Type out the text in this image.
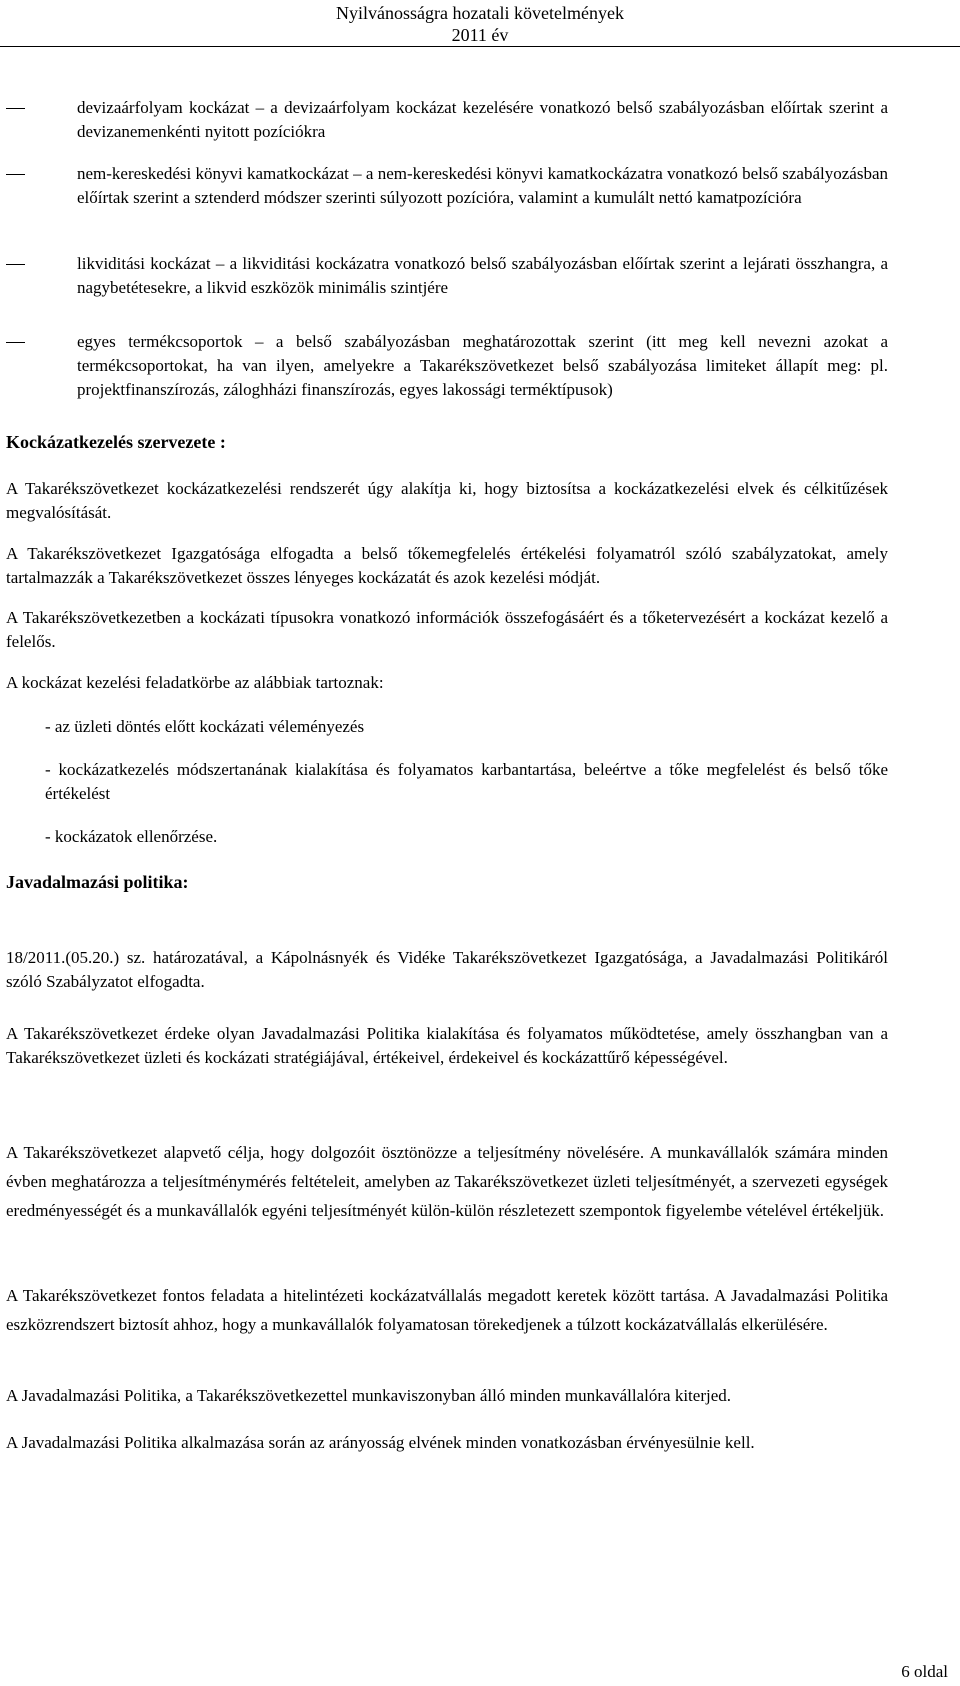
Nyilvánosságra hozatali követelmények
2011 év
devizaárfolyam kockázat – a devizaárfolyam kockázat kezelésére vonatkozó belső szabályozásban előírtak szerint a devizanemenkénti nyitott pozíciókra
nem-kereskedési könyvi kamatkockázat – a nem-kereskedési könyvi kamatkockázatra vonatkozó belső szabályozásban előírtak szerint a sztenderd módszer szerinti súlyozott pozícióra, valamint a kumulált nettó kamatpozícióra
likviditási kockázat – a likviditási kockázatra vonatkozó belső szabályozásban előírtak szerint a lejárati összhangra, a nagybetétesekre, a likvid eszközök minimális szintjére
egyes termékcsoportok – a belső szabályozásban meghatározottak szerint (itt meg kell nevezni azokat a termékcsoportokat, ha van ilyen, amelyekre a Takarékszövetkezet belső szabályozása limiteket állapít meg: pl. projektfinanszírozás, záloghházi finanszírozás, egyes lakossági terméktípusok)
Kockázatkezelés szervezete :
A Takarékszövetkezet kockázatkezelési rendszerét úgy alakítja ki, hogy biztosítsa a kockázatkezelési elvek és célkitűzések megvalósítását.
A Takarékszövetkezet Igazgatósága elfogadta a belső tőkemegfelelés értékelési folyamatról szóló szabályzatokat, amely tartalmazzák a Takarékszövetkezet összes lényeges kockázatát és azok kezelési módját.
A Takarékszövetkezetben a kockázati típusokra vonatkozó információk összefogásáért és a tőketervezésért a kockázat kezelő a felelős.
A kockázat kezelési feladatkörbe az alábbiak tartoznak:
- az üzleti döntés előtt kockázati véleményezés
- kockázatkezelés módszertanának kialakítása és folyamatos karbantartása, beleértve a tőke megfelelést és belső tőke értékelést
- kockázatok ellenőrzése.
Javadalmazási politika:
18/2011.(05.20.) sz. határozatával, a Kápolnásnyék és Vidéke Takarékszövetkezet Igazgatósága, a Javadalmazási Politikáról szóló Szabályzatot elfogadta.
A Takarékszövetkezet érdeke olyan Javadalmazási Politika kialakítása és folyamatos működtetése, amely összhangban van a Takarékszövetkezet üzleti és kockázati stratégiájával, értékeivel, érdekeivel és kockázattűrő képességével.
A Takarékszövetkezet alapvető célja, hogy dolgozóit ösztönözze a teljesítmény növelésére. A munkavállalók számára minden évben meghatározza a teljesítménymérés feltételeit, amelyben az Takarékszövetkezet üzleti teljesítményét, a szervezeti egységek eredményességét és a munkavállalók egyéni teljesítményét külön-külön részletezett szempontok figyelembe vételével értékeljük.
A Takarékszövetkezet fontos feladata a hitelintézeti kockázatvállalás megadott keretek között tartása. A Javadalmazási Politika eszközrendszert biztosít ahhoz, hogy a munkavállalók folyamatosan törekedjenek a túlzott kockázatvállalás elkerülésére.
A Javadalmazási Politika, a Takarékszövetkezettel munkaviszonyban álló minden munkavállalóra kiterjed.
A Javadalmazási Politika alkalmazása során az arányosság elvének minden vonatkozásban érvényesülnie kell.
6 oldal
